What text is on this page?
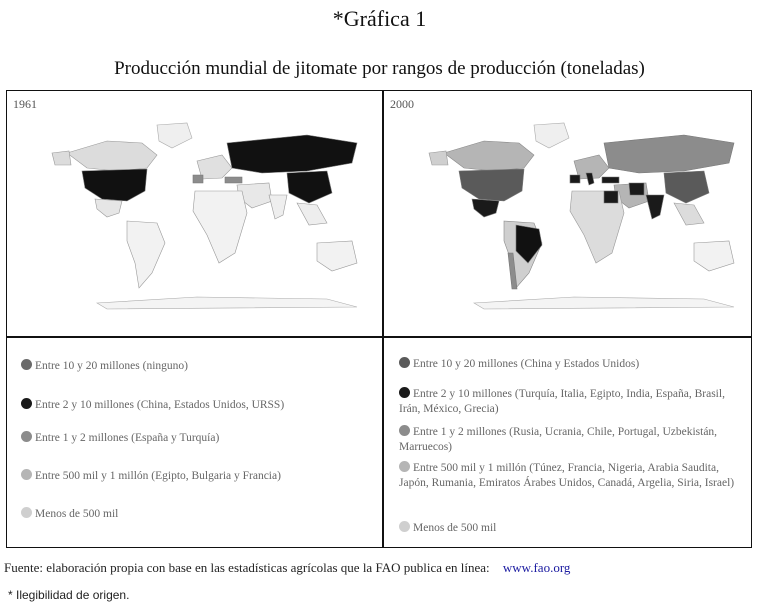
*Gráfica 1
Producción mundial de jitomate por rangos de producción (toneladas)
1961	2000
Entre 10 y 20 millones (ninguno)
Entre 2 y 10 millones (China, Estados Unidos, URSS)
Entre 1 y 2 millones (España y Turquía)
Entre 500 mil y 1 millón (Egipto, Bulgaria y Francia)
Menos de 500 mil
Entre 10 y 20 millones (China y Estados Unidos)
Entre 2 y 10 millones (Turquía, Italia, Egipto, India, España, Brasil, Irán, México, Grecia)
Entre 1 y 2 millones (Rusia, Ucrania, Chile, Portugal, Uzbekistán, Marruecos)
Entre 500 mil y 1 millón (Túnez, Francia, Nigeria, Arabia Saudita, Japón, Rumania, Emiratos Árabes Unidos, Canadá, Argelia, Siria, Israel)
Menos de 500 mil
Fuente: elaboración propia con base en las estadísticas agrícolas que la FAO publica en línea: www.fao.org
* Ilegibilidad de origen.
